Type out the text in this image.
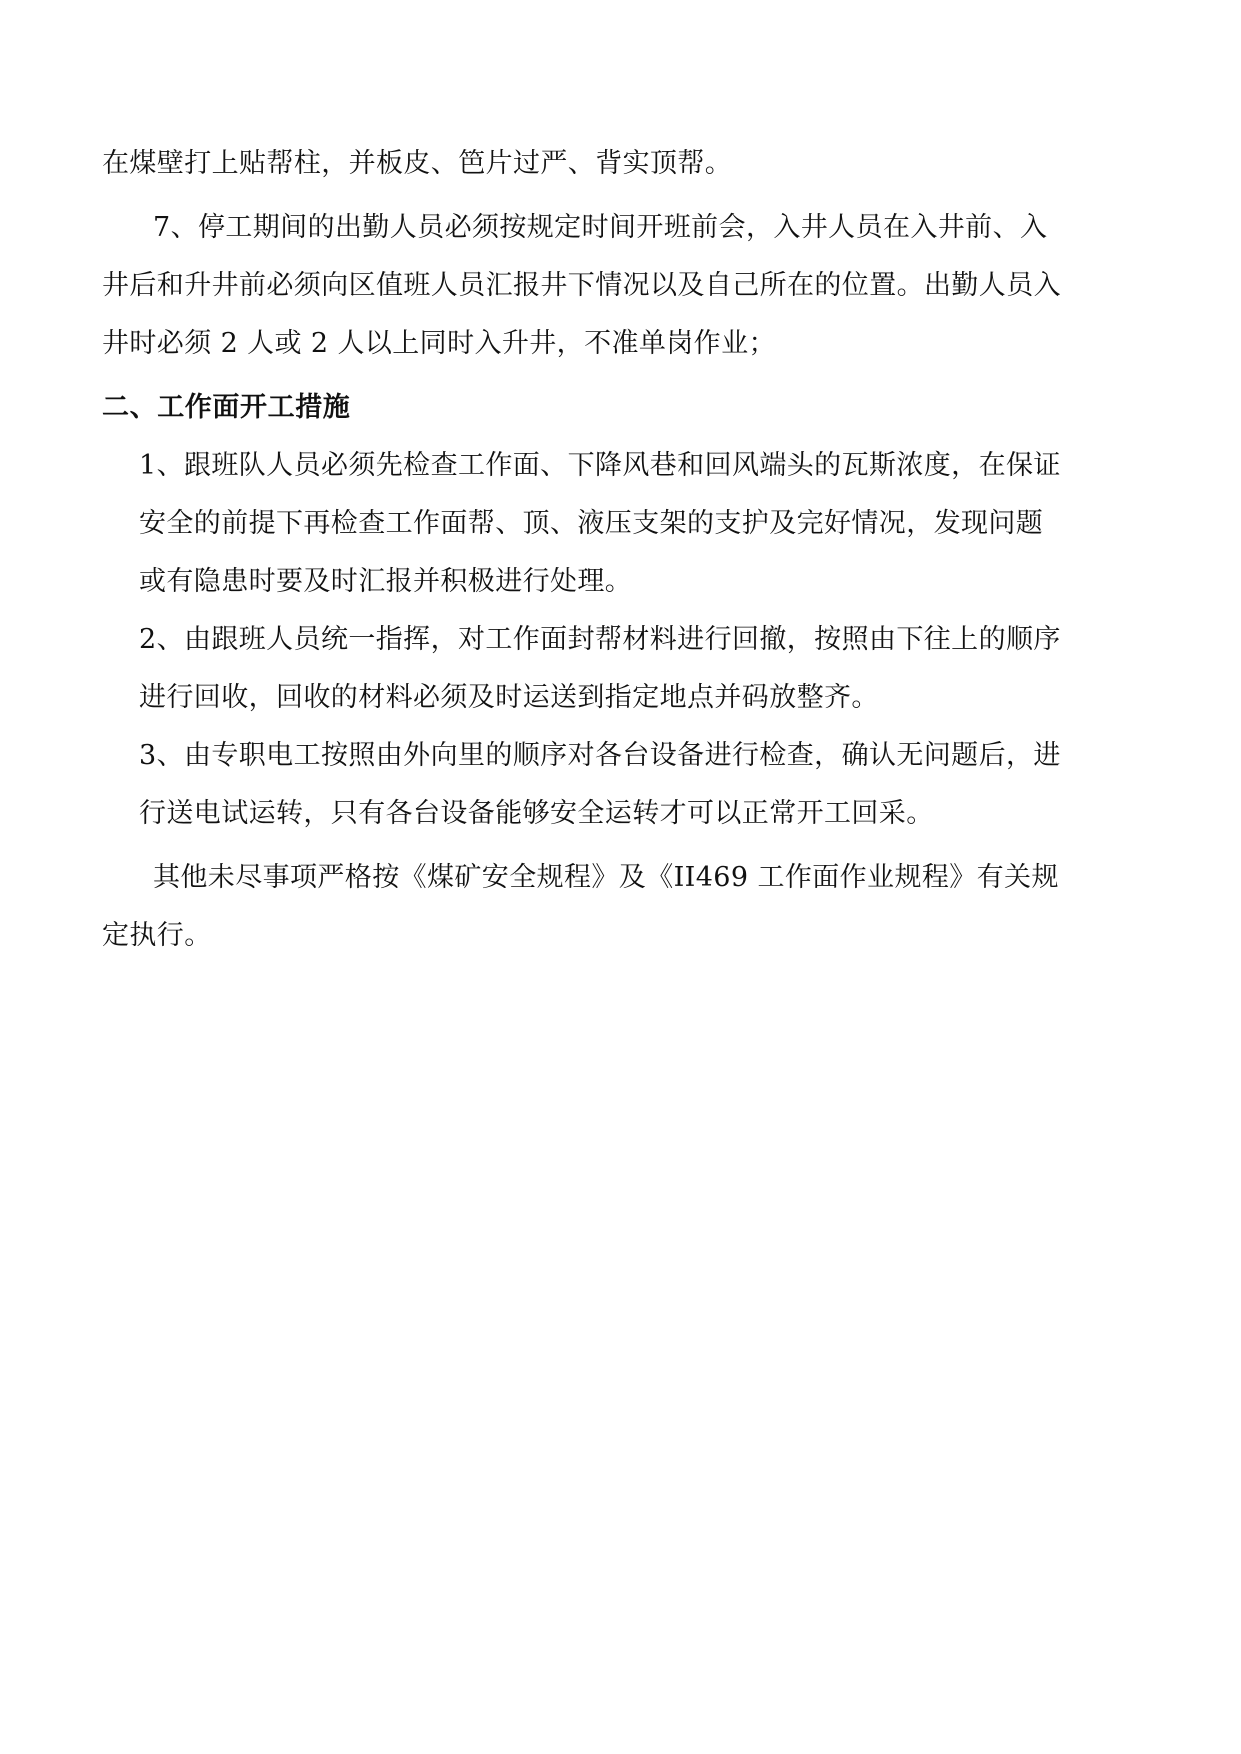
在煤壁打上贴帮柱，并板皮、笆片过严、背实顶帮。
7、停工期间的出勤人员必须按规定时间开班前会，入井人员在入井前、入
井后和升井前必须向区值班人员汇报井下情况以及自己所在的位置。出勤人员入
井时必须 2 人或 2 人以上同时入升井，不准单岗作业；
二、工作面开工措施
1、跟班队人员必须先检查工作面、下降风巷和回风端头的瓦斯浓度，在保证
安全的前提下再检查工作面帮、顶、液压支架的支护及完好情况，发现问题
或有隐患时要及时汇报并积极进行处理。
2、由跟班人员统一指挥，对工作面封帮材料进行回撤，按照由下往上的顺序
进行回收，回收的材料必须及时运送到指定地点并码放整齐。
3、由专职电工按照由外向里的顺序对各台设备进行检查，确认无问题后，进
行送电试运转，只有各台设备能够安全运转才可以正常开工回采。
其他未尽事项严格按《煤矿安全规程》及《II469 工作面作业规程》有关规
定执行。
